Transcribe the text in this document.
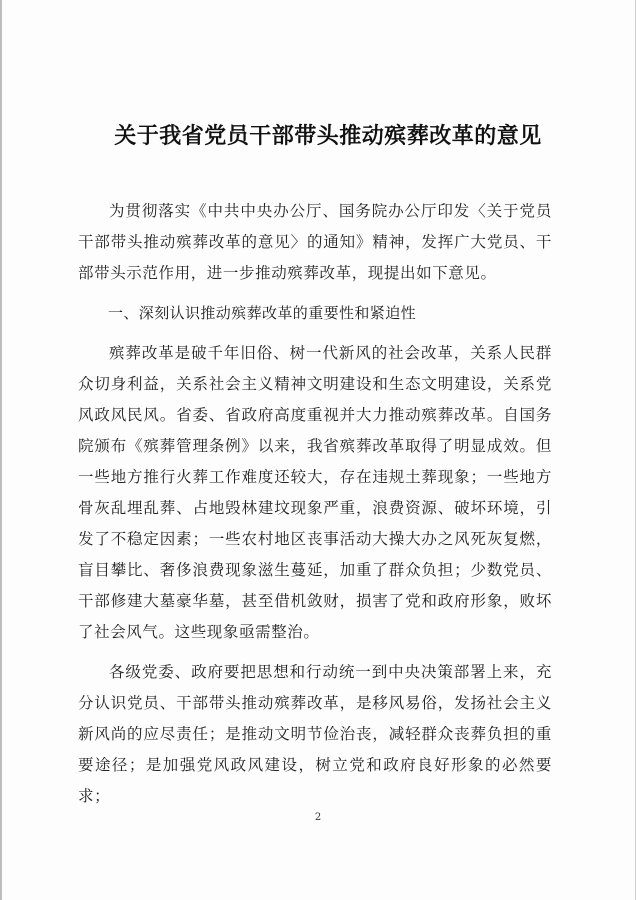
关于我省党员干部带头推动殡葬改革的意见

为贯彻落实《中共中央办公厅、国务院办公厅印发〈关于党员干部带头推动殡葬改革的意见〉的通知》精神，发挥广大党员、干部带头示范作用，进一步推动殡葬改革，现提出如下意见。

一、深刻认识推动殡葬改革的重要性和紧迫性

殡葬改革是破千年旧俗、树一代新风的社会改革，关系人民群众切身利益，关系社会主义精神文明建设和生态文明建设，关系党风政风民风。省委、省政府高度重视并大力推动殡葬改革。自国务院颁布《殡葬管理条例》以来，我省殡葬改革取得了明显成效。但一些地方推行火葬工作难度还较大，存在违规土葬现象；一些地方骨灰乱埋乱葬、占地毁林建坟现象严重，浪费资源、破坏环境，引发了不稳定因素；一些农村地区丧事活动大操大办之风死灰复燃，盲目攀比、奢侈浪费现象滋生蔓延，加重了群众负担；少数党员、干部修建大墓豪华墓，甚至借机敛财，损害了党和政府形象，败坏了社会风气。这些现象亟需整治。

各级党委、政府要把思想和行动统一到中央决策部署上来，充分认识党员、干部带头推动殡葬改革，是移风易俗，发扬社会主义新风尚的应尽责任；是推动文明节俭治丧，减轻群众丧葬负担的重要途径；是加强党风政风建设，树立党和政府良好形象的必然要求；

2
